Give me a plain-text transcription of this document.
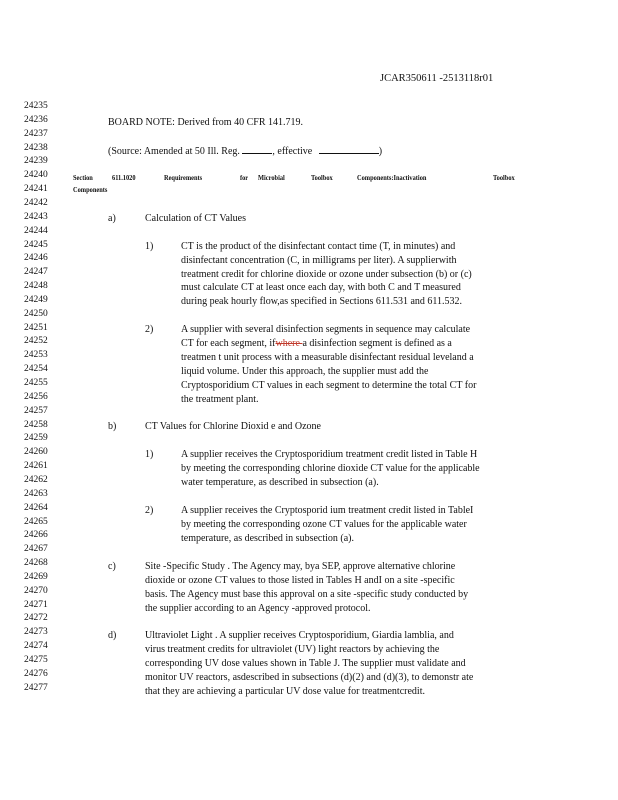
JCAR350611 -2513118r01
24235
24236
24237
24238
24239
24240
24241
24242
24243
24244
24245
24246
24247
24248
24249
24250
24251
24252
24253
24254
24255
24256
24257
24258
24259
24260
24261
24262
24263
24264
24265
24266
24267
24268
24269
24270
24271
24272
24273
24274
24275
24276
24277
BOARD NOTE: Derived from 40 CFR 141.719.
(Source: Amended at 50 Ill. Reg.	, effective	)
Section	611.1020	Requirements	for Microbial	Toolbox	Components:Inactivation	Toolbox
Components
a)	Calculation of CT Values
1)	CT is the product of the disinfectant contact time (T, in minutes) and
disinfectant concentration (C, in milligrams per liter). A supplierwith
treatment credit for chlorine dioxide or ozone under subsection (b) or (c)
must calculate CT at least once each day, with both C and T measured
during peak hourly flow,as specified in Sections 611.531 and 611.532.
2)	A supplier with several disinfection segments in sequence may calculate
CT for each segment, ifwhere a disinfection segment is defined as a
treatmen t unit process with a measurable disinfectant residual leveland a
liquid volume. Under this approach, the supplier must add the
Cryptosporidium CT values in each segment to determine the total CT for
the treatment plant.
b)	CT Values for Chlorine Dioxid e and Ozone
1)	A supplier receives the Cryptosporidium treatment credit listed in Table H
by meeting the corresponding chlorine dioxide CT value for the applicable
water temperature, as described in subsection (a).
2)	A supplier receives the Cryptosporid ium treatment credit listed in TableI
by meeting the corresponding ozone CT values for the applicable water
temperature, as described in subsection (a).
c)	Site -Specific Study . The Agency may, bya SEP, approve alternative chlorine
dioxide or ozone CT values to those listed in Tables H andI on a site -specific
basis. The Agency must base this approval on a site -specific study conducted by
the supplier according to an Agency -approved protocol.
d)	Ultraviolet Light . A supplier receives Cryptosporidium, Giardia lamblia, and
virus treatment credits for ultraviolet (UV) light reactors by achieving the
corresponding UV dose values shown in Table J. The supplier must validate and
monitor UV reactors, asdescribed in subsections (d)(2) and (d)(3), to demonstr ate
that they are achieving a particular UV dose value for treatmentcredit.
